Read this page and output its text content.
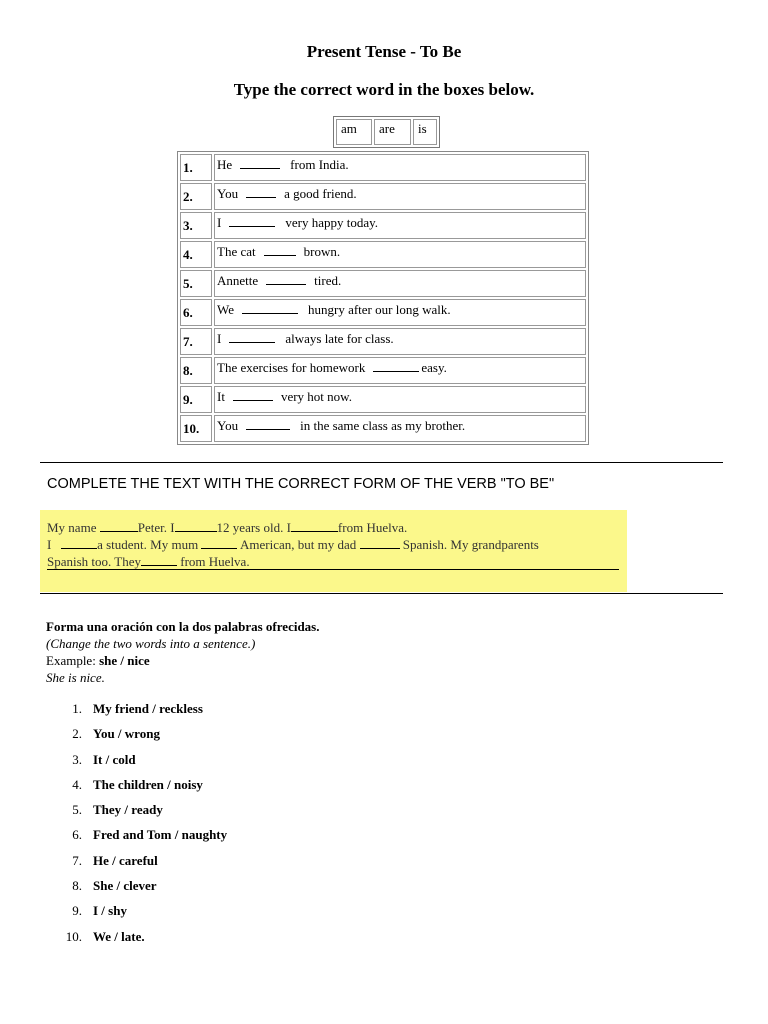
Present Tense - To Be
Type the correct word in the boxes below.
am	are	is
1.	He from India.
2.	You a good friend.
3.	I very happy today.
4.	The cat brown.
5.	Annette tired.
6.	We hungry after our long walk.
7.	I always late for class.
8.	The exercises for homework easy.
9.	It very hot now.
10.	You in the same class as my brother.
COMPLETE THE TEXT WITH THE CORRECT FORM OF THE VERB "TO BE"
My name	Peter. I	12 years old. I	from Huelva.
I	a student. My mum	American, but my dad	Spanish. My grandparents
Spanish too. They	from Huelva.
Forma una oración con la dos palabras ofrecidas.
(Change the two words into a sentence.)
Example: she / nice
She is nice.
1. My friend / reckless
2. You / wrong
3. It / cold
4. The children / noisy
5. They / ready
6. Fred and Tom / naughty
7. He / careful
8. She / clever
9. I / shy
10. We / late.
